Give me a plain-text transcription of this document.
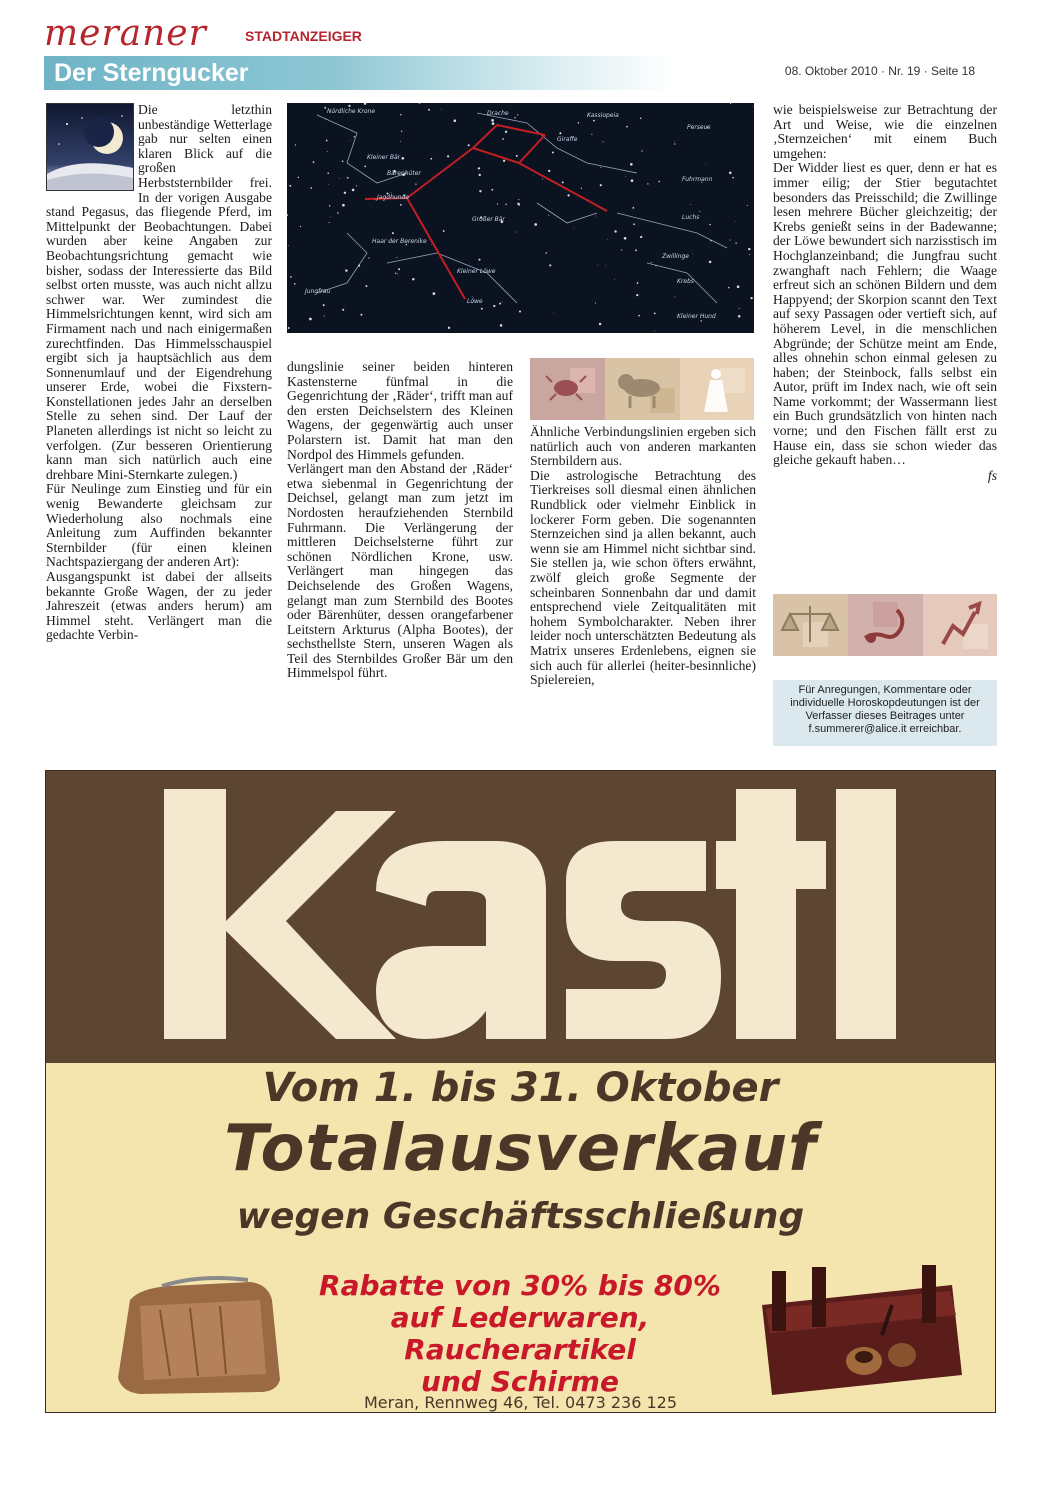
meraner	STADTANZEIGER
Der Sterngucker	08. Oktober 2010 · Nr. 19 · Seite 18

Die letzthin unbeständige Wetterlage gab nur selten einen klaren Blick auf die großen Herbststernbilder frei. In der vorigen Ausgabe stand Pegasus, das fliegende Pferd, im Mittelpunkt der Beobachtungen. Dabei wurden aber keine Angaben zur Beobachtungsrichtung gemacht wie bisher, sodass der Interessierte das Bild selbst orten musste, was auch nicht allzu schwer war. Wer zumindest die Himmelsrichtungen kennt, wird sich am Firmament nach und nach einigermaßen zurechtfinden. Das Himmelsschauspiel ergibt sich ja hauptsächlich aus dem Sonnenumlauf und der Eigendrehung unserer Erde, wobei die Fixstern-Konstellationen jedes Jahr an derselben Stelle zu sehen sind. Der Lauf der Planeten allerdings ist nicht so leicht zu verfolgen. (Zur besseren Orientierung kann man sich natürlich auch eine drehbare Mini-Sternkarte zulegen.)

Für Neulinge zum Einstieg und für ein wenig Bewanderte gleichsam zur Wiederholung also nochmals eine Anleitung zum Auffinden bekannter Sternbilder (für einen kleinen Nachtspaziergang der anderen Art):

Ausgangspunkt ist dabei der allseits bekannte Große Wagen, der zu jeder Jahreszeit (etwas anders herum) am Himmel steht. Verlängert man die gedachte Verbin-

Nördliche Krone
Kleiner Bär
Drache	Kassiopeia
Perseus
Giraffe
Bärenhüter
Jagdhunde
Großer Bär
Fuhrmann
Luchs
Haar der Berenike
Zwillinge
Krebs
Jungfrau
Kleiner Löwe
Löwe
Kleiner Hund

dungslinie seiner beiden hinteren Kastensterne fünfmal in die Gegenrichtung der ‚Räder‘, trifft man auf den ersten Deichselstern des Kleinen Wagens, der gegenwärtig auch unser Polarstern ist. Damit hat man den Nordpol des Himmels gefunden.

Verlängert man den Abstand der ‚Räder‘ etwa siebenmal in Gegenrichtung der Deichsel, gelangt man zum jetzt im Nordosten heraufziehenden Sternbild Fuhrmann. Die Verlängerung der mittleren Deichselsterne führt zur schönen Nördlichen Krone, usw. Verlängert man hingegen das Deichselende des Großen Wagens, gelangt man zum Sternbild des Bootes oder Bärenhüter, dessen orangefarbener Leitstern Arkturus (Alpha Bootes), der sechsthellste Stern, unseren Wagen als Teil des Sternbildes Großer Bär um den Himmelspol führt.

Ähnliche Verbindungslinien ergeben sich natürlich auch von anderen markanten Sternbildern aus.

Die astrologische Betrachtung des Tierkreises soll diesmal einen ähnlichen Rundblick oder vielmehr Einblick in lockerer Form geben. Die sogenannten Sternzeichen sind ja allen bekannt, auch wenn sie am Himmel nicht sichtbar sind. Sie stellen ja, wie schon öfters erwähnt, zwölf gleich große Segmente der scheinbaren Sonnenbahn dar und damit entsprechend viele Zeitqualitäten mit hohem Symbolcharakter. Neben ihrer leider noch unterschätzten Bedeutung als Matrix unseres Erdenlebens, eignen sie sich auch für allerlei (heiter-besinnliche) Spielereien,

wie beispielsweise zur Betrachtung der Art und Weise, wie die einzelnen ‚Sternzeichen‘ mit einem Buch umgehen:

Der Widder liest es quer, denn er hat es immer eilig; der Stier begutachtet besonders das Preisschild; die Zwillinge lesen mehrere Bücher gleichzeitig; der Krebs genießt seins in der Badewanne; der Löwe bewundert sich narzisstisch im Hochglanzeinband; die Jungfrau sucht zwanghaft nach Fehlern; die Waage erfreut sich an schönen Bildern und dem Happyend; der Skorpion scannt den Text auf sexy Passagen oder vertieft sich, auf höherem Level, in die menschlichen Abgründe; der Schütze meint am Ende, alles ohnehin schon einmal gelesen zu haben; der Steinbock, falls selbst ein Autor, prüft im Index nach, wie oft sein Name vorkommt; der Wassermann liest ein Buch grundsätzlich von hinten nach vorne; und den Fischen fällt erst zu Hause ein, dass sie schon wieder das gleiche gekauft haben…

fs

Für Anregungen, Kommentare oder individuelle Horoskopdeutungen ist der Verfasser dieses Beitrages unter f.summerer@alice.it erreichbar.
Vom 1. bis 31. Oktober
Totalausverkauf
wegen Geschäftsschließung
Rabatte von 30% bis 80%
auf Lederwaren,
Raucherartikel
und Schirme
Meran, Rennweg 46, Tel. 0473 236 125
